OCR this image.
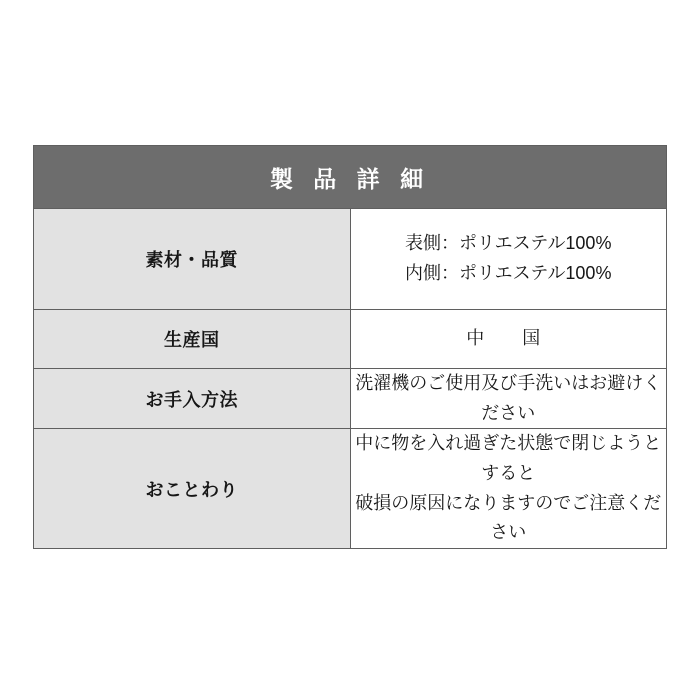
製 品 詳 細	
素材・品質	表側：ポリエステル100%
内側：ポリエステル100%

生産国	中　国

お手入方法	洗濯機のご使用及び手洗いはお避けください

おことわり	中に物を入れ過ぎた状態で閉じようとすると
破損の原因になりますのでご注意ください
